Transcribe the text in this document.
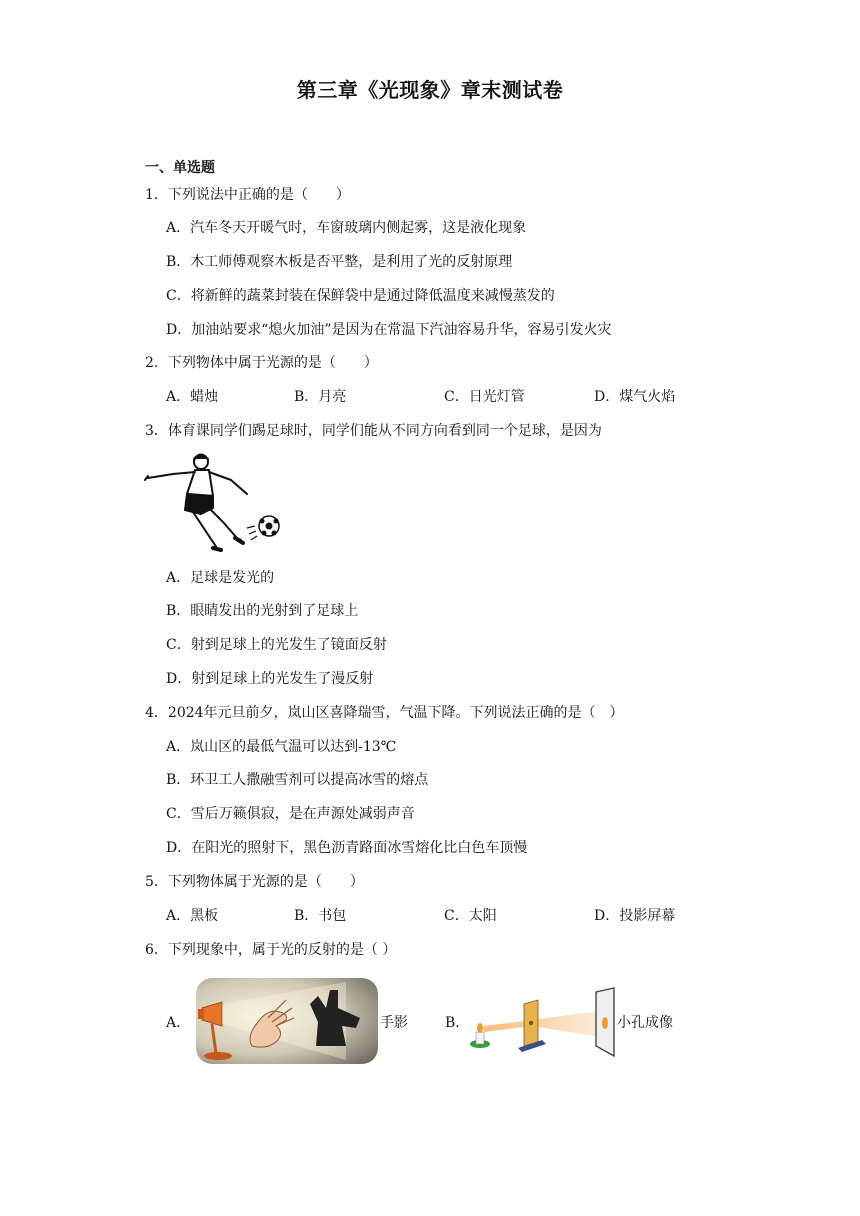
第三章《光现象》章末测试卷
一、单选题
1．下列说法中正确的是（　　）
A．汽车冬天开暖气时，车窗玻璃内侧起雾，这是液化现象
B．木工师傅观察木板是否平整，是利用了光的反射原理
C．将新鲜的蔬菜封装在保鲜袋中是通过降低温度来减慢蒸发的
D．加油站要求“熄火加油”是因为在常温下汽油容易升华，容易引发火灾
2．下列物体中属于光源的是（　　）
A．蜡烛	B．月亮	C．日光灯管	D．煤气火焰
3．体育课同学们踢足球时，同学们能从不同方向看到同一个足球，是因为
A．足球是发光的
B．眼睛发出的光射到了足球上
C．射到足球上的光发生了镜面反射
D．射到足球上的光发生了漫反射
4．2024年元旦前夕，岚山区喜降瑞雪，气温下降。下列说法正确的是（　）
A．岚山区的最低气温可以达到-13℃
B．环卫工人撒融雪剂可以提高冰雪的熔点
C．雪后万籁俱寂，是在声源处减弱声音
D．在阳光的照射下，黑色沥青路面冰雪熔化比白色车顶慢
5．下列物体属于光源的是（　　）
A．黑板	B．书包	C．太阳	D．投影屏幕
6．下列现象中，属于光的反射的是（ ）
A．	手影	B．	小孔成像
